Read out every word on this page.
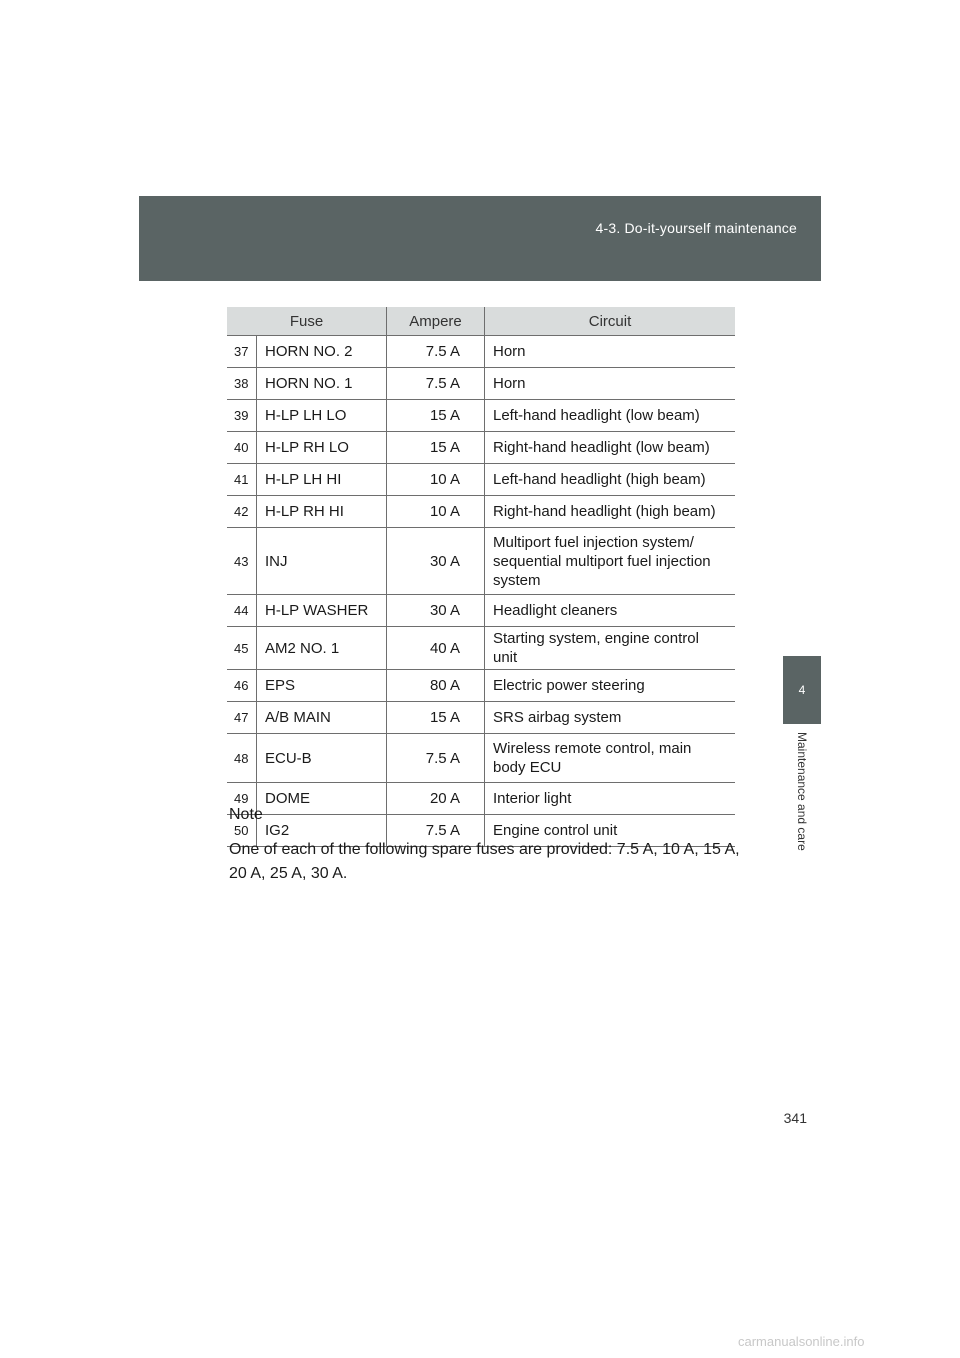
4-3. Do-it-yourself maintenance
4
Maintenance and care
Fuse		Ampere	Circuit
37	HORN NO. 2	7.5 A	Horn
38	HORN NO. 1	7.5 A	Horn
39	H-LP LH LO	15 A	Left-hand headlight (low beam)
40	H-LP RH LO	15 A	Right-hand headlight (low beam)
41	H-LP LH HI	10 A	Left-hand headlight (high beam)
42	H-LP RH HI	10 A	Right-hand headlight (high beam)
43	INJ	30 A	Multiport fuel injection system/ sequential multiport fuel injection system
44	H-LP WASHER	30 A	Headlight cleaners
45	AM2 NO. 1	40 A	Starting system, engine control unit
46	EPS	80 A	Electric power steering
47	A/B MAIN	15 A	SRS airbag system
48	ECU-B	7.5 A	Wireless remote control, main body ECU
49	DOME	20 A	Interior light
50	IG2	7.5 A	Engine control unit
Note
One of each of the following spare fuses are provided: 7.5 A, 10 A, 15 A, 20 A, 25 A, 30 A.
341
carmanualsonline.info
